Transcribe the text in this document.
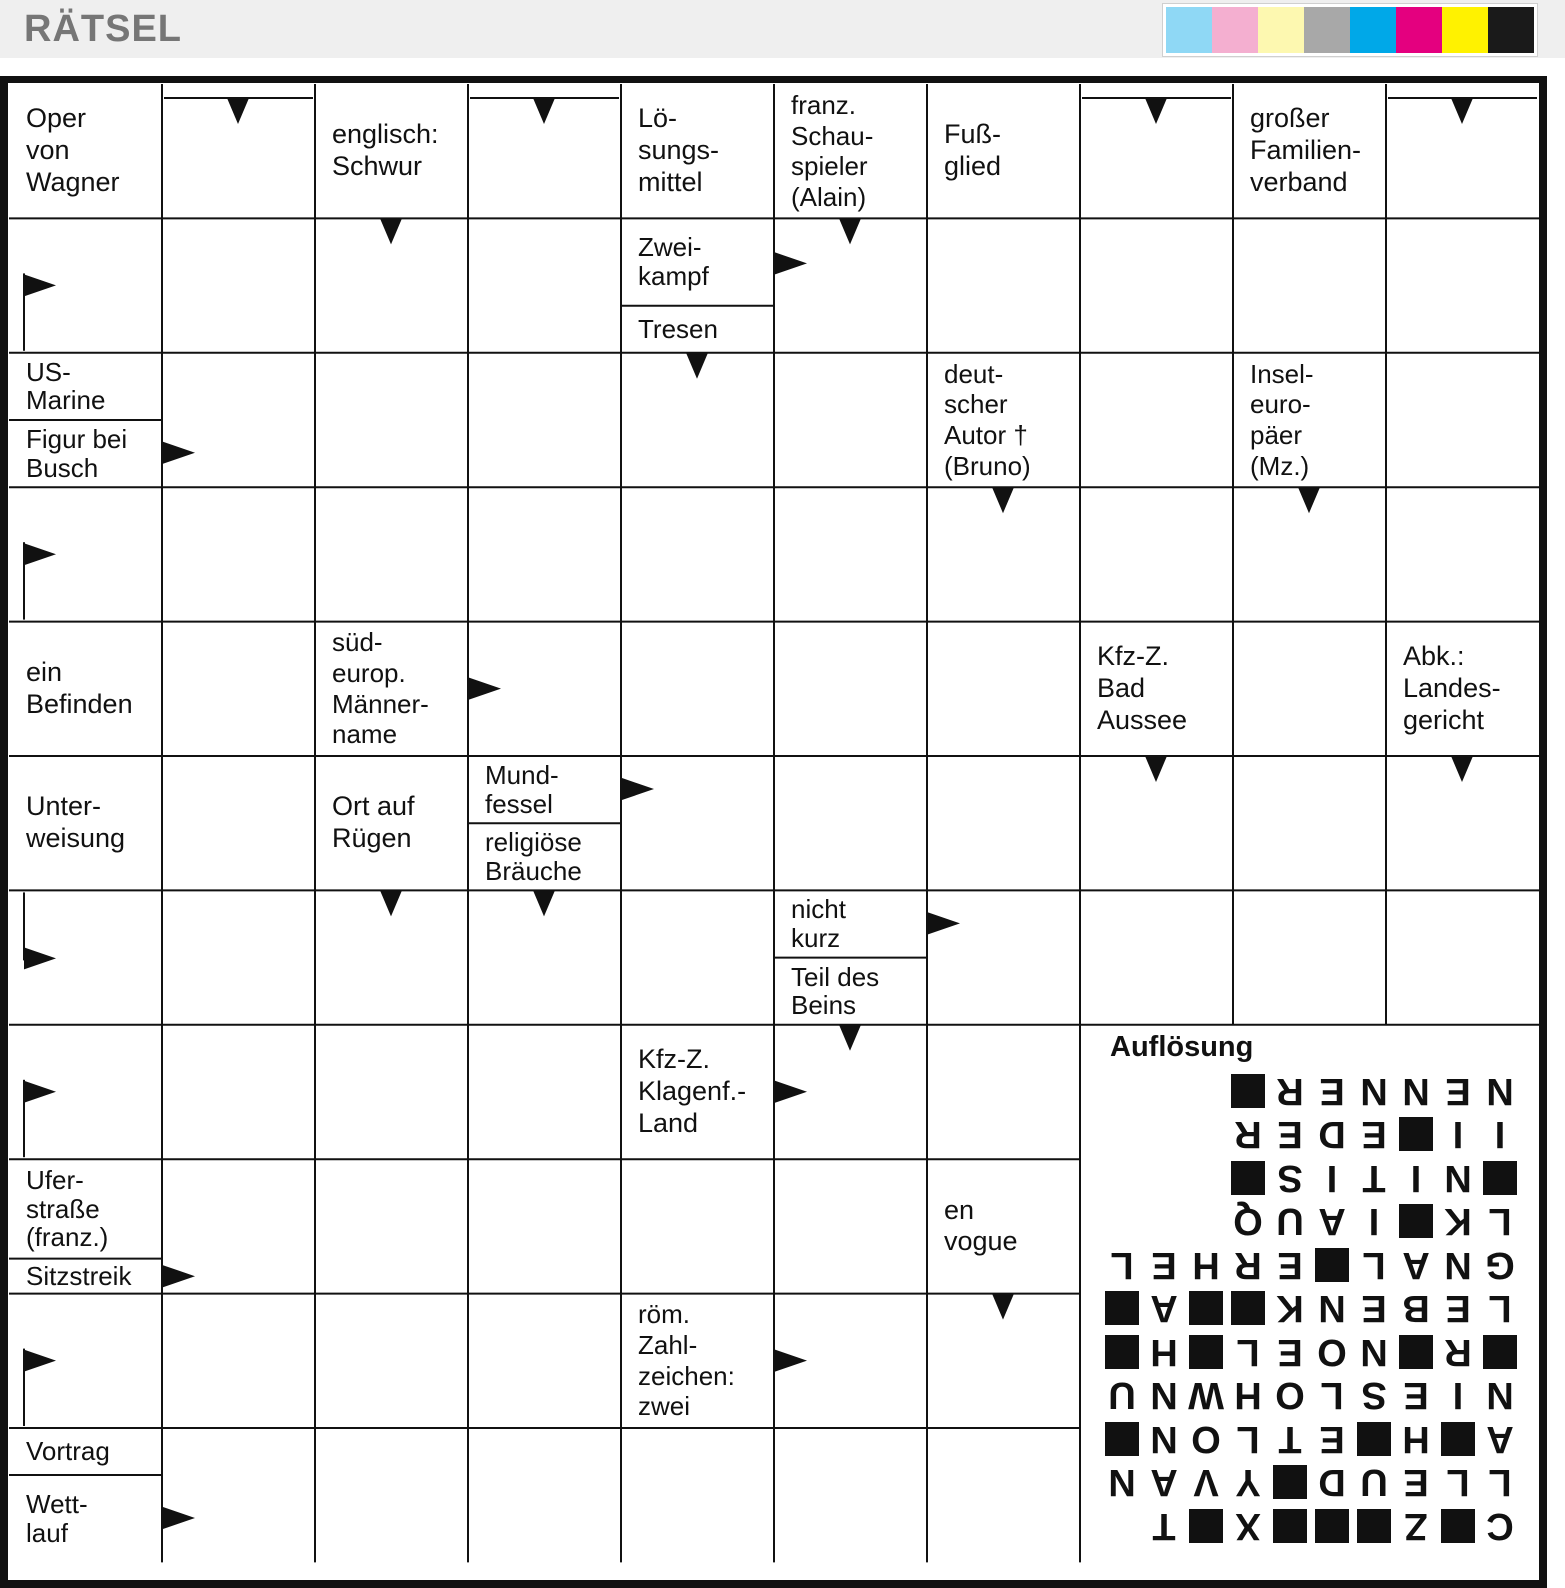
RÄTSEL
Oper
von
Wagner
englisch:
Schwur
Lö-
sungs-
mittel
franz.
Schau-
spieler
(Alain)
Fuß-
glied
großer
Familien-
verband
Zwei-
kampf
Tresen
US-
Marine
Figur bei
Busch
deut-
scher
Autor †
(Bruno)
Insel-
euro-
päer
(Mz.)
ein
Befinden
süd-
europ.
Männer-
name
Kfz-Z.
Bad
Aussee
Abk.:
Landes-
gericht
Unter-
weisung
Ort auf
Rügen
Mund-
fessel
religiöse
Bräuche
nicht
kurz
Teil des
Beins
Kfz-Z.
Klagenf.-
Land
Ufer-
straße
(franz.)
Sitzstreik
en
vogue
röm.
Zahl-
zeichen:
zwei
Vortrag
Wett-
lauf
Auflösung
R E N N E N
R E D E	I I
S I T I N
Q U A I	K L
L E H R E L A N G
A	K N E B E L
H L E O N R
U N W H O L S E I N
N O L T E H A
N A V Y D U E L L
T X	Z C
